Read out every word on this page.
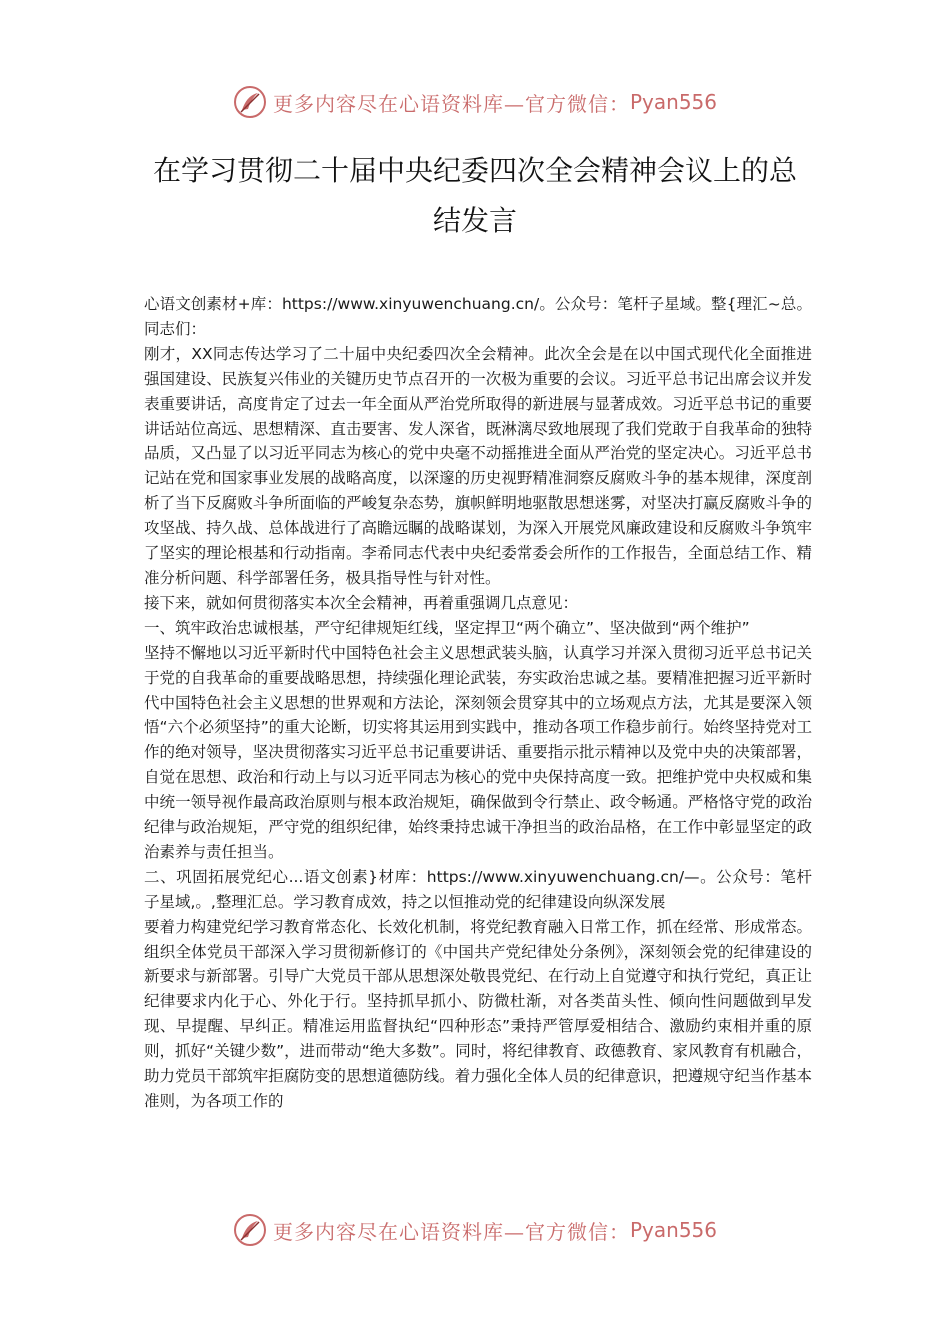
更多内容尽在心语资料库—官方微信： Pyan556
在学习贯彻二十届中央纪委四次全会精神会议上的总结发言

心语文创素材+库：https://www.xinyuwenchuang.cn/。公众号：笔杆子星域。整{理汇~总。同志们：

刚才，XX同志传达学习了二十届中央纪委四次全会精神。此次全会是在以中国式现代化全面推进强国建设、民族复兴伟业的关键历史节点召开的一次极为重要的会议。习近平总书记出席会议并发表重要讲话，高度肯定了过去一年全面从严治党所取得的新进展与显著成效。习近平总书记的重要讲话站位高远、思想精深、直击要害、发人深省，既淋漓尽致地展现了我们党敢于自我革命的独特品质，又凸显了以习近平同志为核心的党中央毫不动摇推进全面从严治党的坚定决心。习近平总书记站在党和国家事业发展的战略高度，以深邃的历史视野精准洞察反腐败斗争的基本规律，深度剖析了当下反腐败斗争所面临的严峻复杂态势，旗帜鲜明地驱散思想迷雾，对坚决打赢反腐败斗争的攻坚战、持久战、总体战进行了高瞻远瞩的战略谋划，为深入开展党风廉政建设和反腐败斗争筑牢了坚实的理论根基和行动指南。李希同志代表中央纪委常委会所作的工作报告，全面总结工作、精准分析问题、科学部署任务，极具指导性与针对性。

接下来，就如何贯彻落实本次全会精神，再着重强调几点意见：

一、筑牢政治忠诚根基，严守纪律规矩红线，坚定捍卫“两个确立”、坚决做到“两个维护”

坚持不懈地以习近平新时代中国特色社会主义思想武装头脑，认真学习并深入贯彻习近平总书记关于党的自我革命的重要战略思想，持续强化理论武装，夯实政治忠诚之基。要精准把握习近平新时代中国特色社会主义思想的世界观和方法论，深刻领会贯穿其中的立场观点方法，尤其是要深入领悟“六个必须坚持”的重大论断，切实将其运用到实践中，推动各项工作稳步前行。始终坚持党对工作的绝对领导，坚决贯彻落实习近平总书记重要讲话、重要指示批示精神以及党中央的决策部署，自觉在思想、政治和行动上与以习近平同志为核心的党中央保持高度一致。把维护党中央权威和集中统一领导视作最高政治原则与根本政治规矩，确保做到令行禁止、政令畅通。严格恪守党的政治纪律与政治规矩，严守党的组织纪律，始终秉持忠诚干净担当的政治品格，在工作中彰显坚定的政治素养与责任担当。

二、巩固拓展党纪心...语文创素}材库：https://www.xinyuwenchuang.cn/—。公众号：笔杆子星域,。,整理汇总。学习教育成效，持之以恒推动党的纪律建设向纵深发展

要着力构建党纪学习教育常态化、长效化机制，将党纪教育融入日常工作，抓在经常、形成常态。组织全体党员干部深入学习贯彻新修订的《中国共产党纪律处分条例》，深刻领会党的纪律建设的新要求与新部署。引导广大党员干部从思想深处敬畏党纪、在行动上自觉遵守和执行党纪，真正让纪律要求内化于心、外化于行。坚持抓早抓小、防微杜渐，对各类苗头性、倾向性问题做到早发现、早提醒、早纠正。精准运用监督执纪“四种形态”秉持严管厚爱相结合、激励约束相并重的原则，抓好“关键少数”，进而带动“绝大多数”。同时，将纪律教育、政德教育、家风教育有机融合，助力党员干部筑牢拒腐防变的思想道德防线。着力强化全体人员的纪律意识，把遵规守纪当作基本准则，为各项工作的

更多内容尽在心语资料库—官方微信： Pyan556
